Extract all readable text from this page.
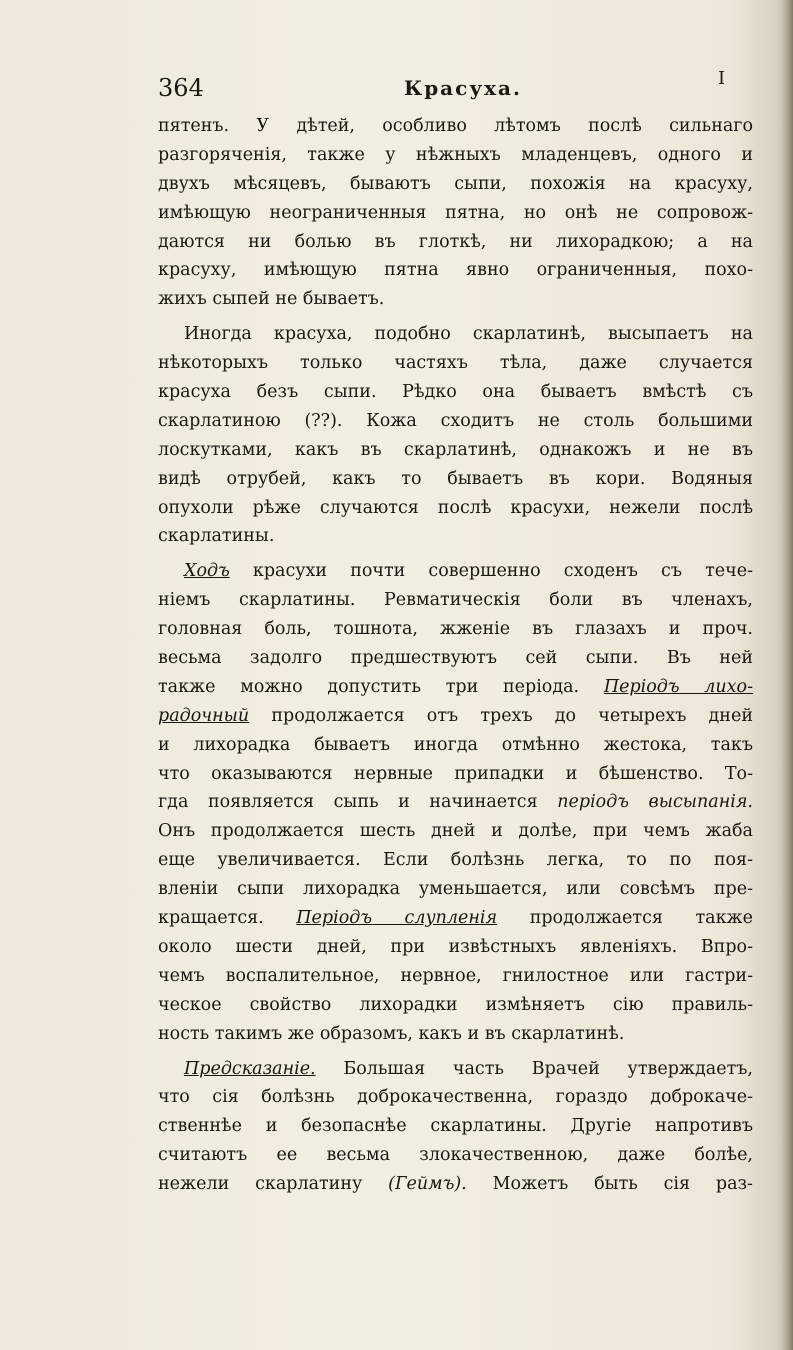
364	Красуха.	I
пятенъ. У дѣтей, особливо лѣтомъ послѣ сильнаго
разгорячeнія, также у нѣжныхъ младенцевъ, одного и
двухъ мѣсяцевъ, бываютъ сыпи, похожія на красуху,
имѣющую неограниченныя пятна, но онѣ не сопровож-
даются ни болью въ глоткѣ, ни лихорадкою; а на
красуху, имѣющую пятна явно ограниченныя, похо-
жихъ сыпей не бываетъ.
Иногда красуха, подобно скарлатинѣ, высыпаетъ на
нѣкоторыхъ только частяхъ тѣла, даже случается
красуха безъ сыпи. Рѣдко она бываетъ вмѣстѣ съ
скарлатиною (??). Кожа сходитъ не столь большими
лоскутками, какъ въ скарлатинѣ, однакожъ и не въ
видѣ отрубей, какъ то бываетъ въ кори. Водяныя
опухоли рѣже случаются послѣ красухи, нежели послѣ
скарлатины.
Ходъ красухи почти совершенно сходенъ съ тече-
ніемъ скарлатины. Ревматическія боли въ членахъ,
головная боль, тошнота, жженіе въ глазахъ и проч.
весьма задолго предшествуютъ сей сыпи. Въ ней
также можно допустить три періода. Періодъ лихо-
радочный продолжается отъ трехъ до четырехъ дней
и лихорадка бываетъ иногда отмѣнно жестока, такъ
что оказываются нервные припадки и бѣшенство. То-
гда появляется сыпь и начинается періодъ высыпанія.
Онъ продолжается шесть дней и долѣе, при чемъ жаба
еще увеличивается. Если болѣзнь легка, то по поя-
вленіи сыпи лихорадка уменьшается, или совсѣмъ пре-
кращается. Періодъ слупленія продолжается также
около шести дней, при извѣстныхъ явленіяхъ. Впро-
чемъ воспалительное, нервное, гнилостное или гастри-
ческое свойство лихорадки измѣняетъ сію правиль-
ность такимъ же образомъ, какъ и въ скарлатинѣ.
Предсказаніе. Большая часть Врачей утверждаетъ,
что сія болѣзнь доброкачественна, гораздо доброкаче-
ственнѣе и безопаснѣе скарлатины. Другіе напротивъ
считаютъ ее весьма злокачественною, даже болѣе,
нежели скарлатину (Геймъ). Можетъ быть сія раз-
